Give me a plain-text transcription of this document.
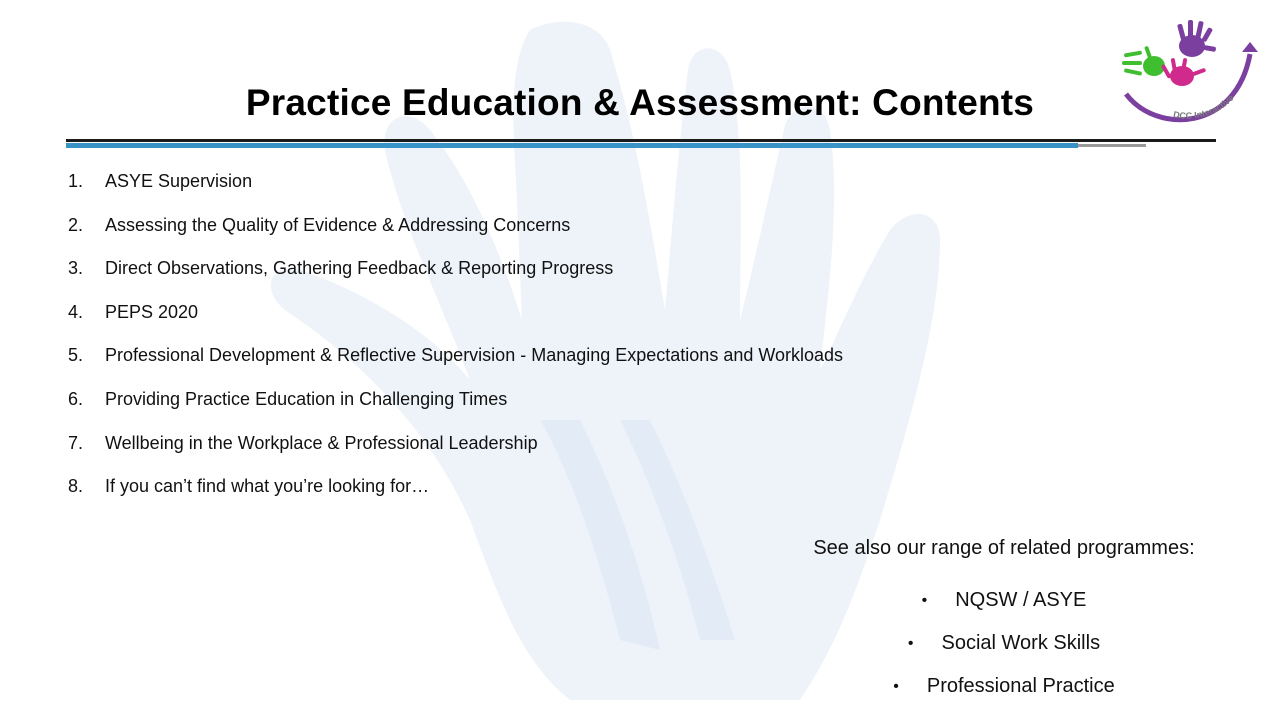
Practice Education & Assessment: Contents
1.	ASYE Supervision
2.	Assessing the Quality of Evidence & Addressing Concerns
3.	Direct Observations, Gathering Feedback & Reporting Progress
4.	PEPS 2020
5.	Professional Development & Reflective Supervision - Managing Expectations and Workloads
6.	Providing Practice Education in Challenging Times
7.	Wellbeing in the Workplace & Professional Leadership
8.	If you can’t find what you’re looking for…
See also our range of related programmes:
• NQSW / ASYE
• Social Work Skills
• Professional Practice
DCC Interactive
